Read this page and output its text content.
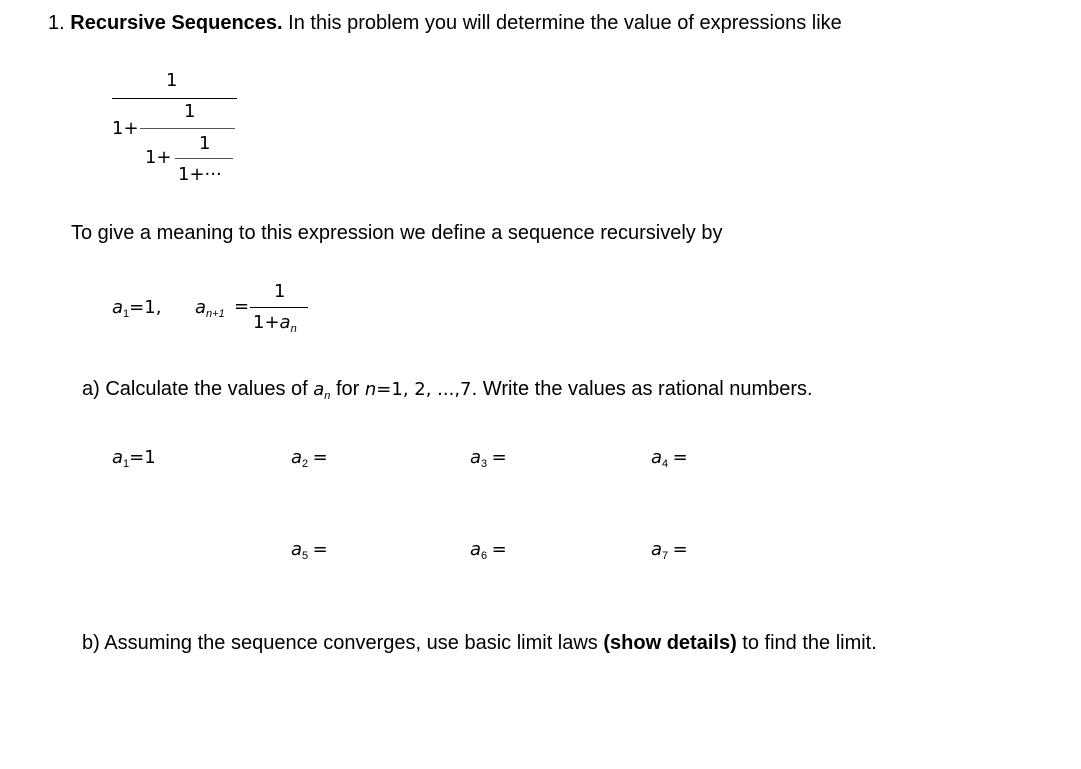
1. Recursive Sequences. In this problem you will determine the value of expressions like
1
1+
1
1+
1
1+···
To give a meaning to this expression we define a sequence recursively by
$a_1=1$, $a_{n+1}$ =
1
$1+a_n$
a) Calculate the values of $a_n$ for n=1, 2, ...,7. Write the values as rational numbers.
$a_1=1$	$a_2$ =	$a_3$ =	$a_4$ =
$a_5$ =	$a_6$ =	$a_7$ =
b) Assuming the sequence converges, use basic limit laws (show details) to find the limit.
